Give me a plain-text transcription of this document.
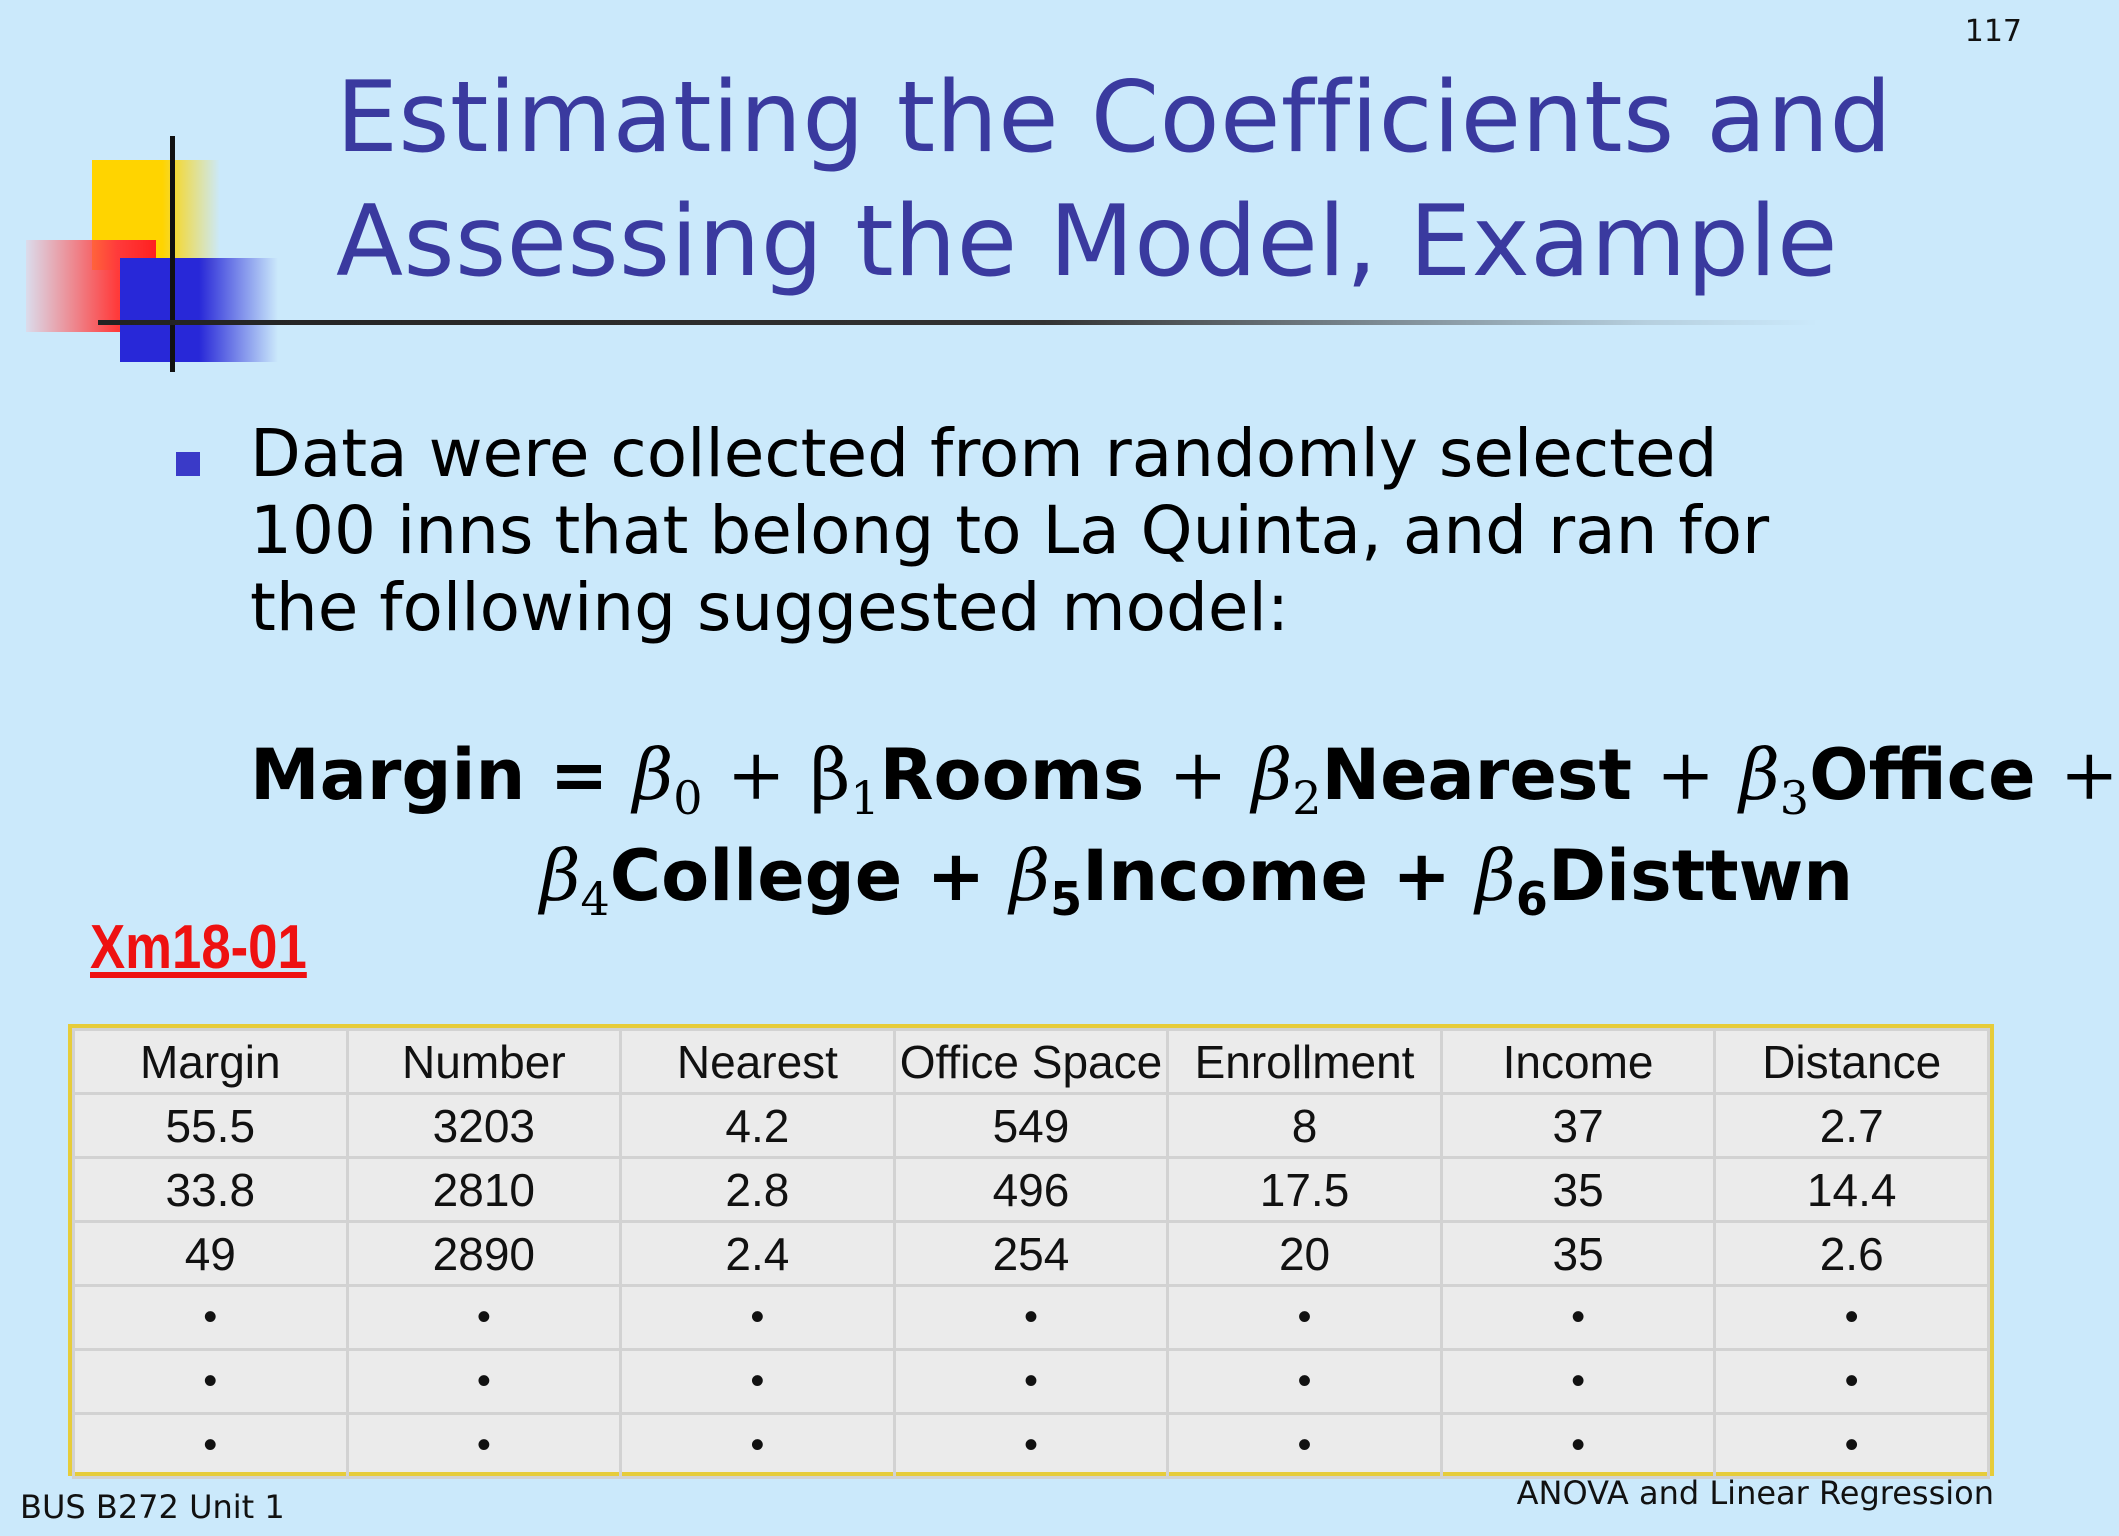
117
Estimating the Coefficients and
Assessing the Model, Example

Data were collected from randomly selected 100 inns that belong to La Quinta, and ran for the following suggested model:

Margin = $\beta_0$ + $\beta_1Rooms$ + $\beta_2Nearest$ + $\beta_3Office$ +
$\beta_4College$ + $\beta_5Income$ + $\beta_6Disttwn$
Xm18-01
Margin	Number	Nearest	Office Space	Enrollment	Income	Distance
55.5	3203	4.2	549	8	37	2.7
33.8	2810	2.8	496	17.5	35	14.4
49	2890	2.4	254	20	35	2.6
•	•	•	•	•	•	•
•	•	•	•	•	•	•
•	•	•	•	•	•	•
BUS B272 Unit 1	ANOVA and Linear Regression
